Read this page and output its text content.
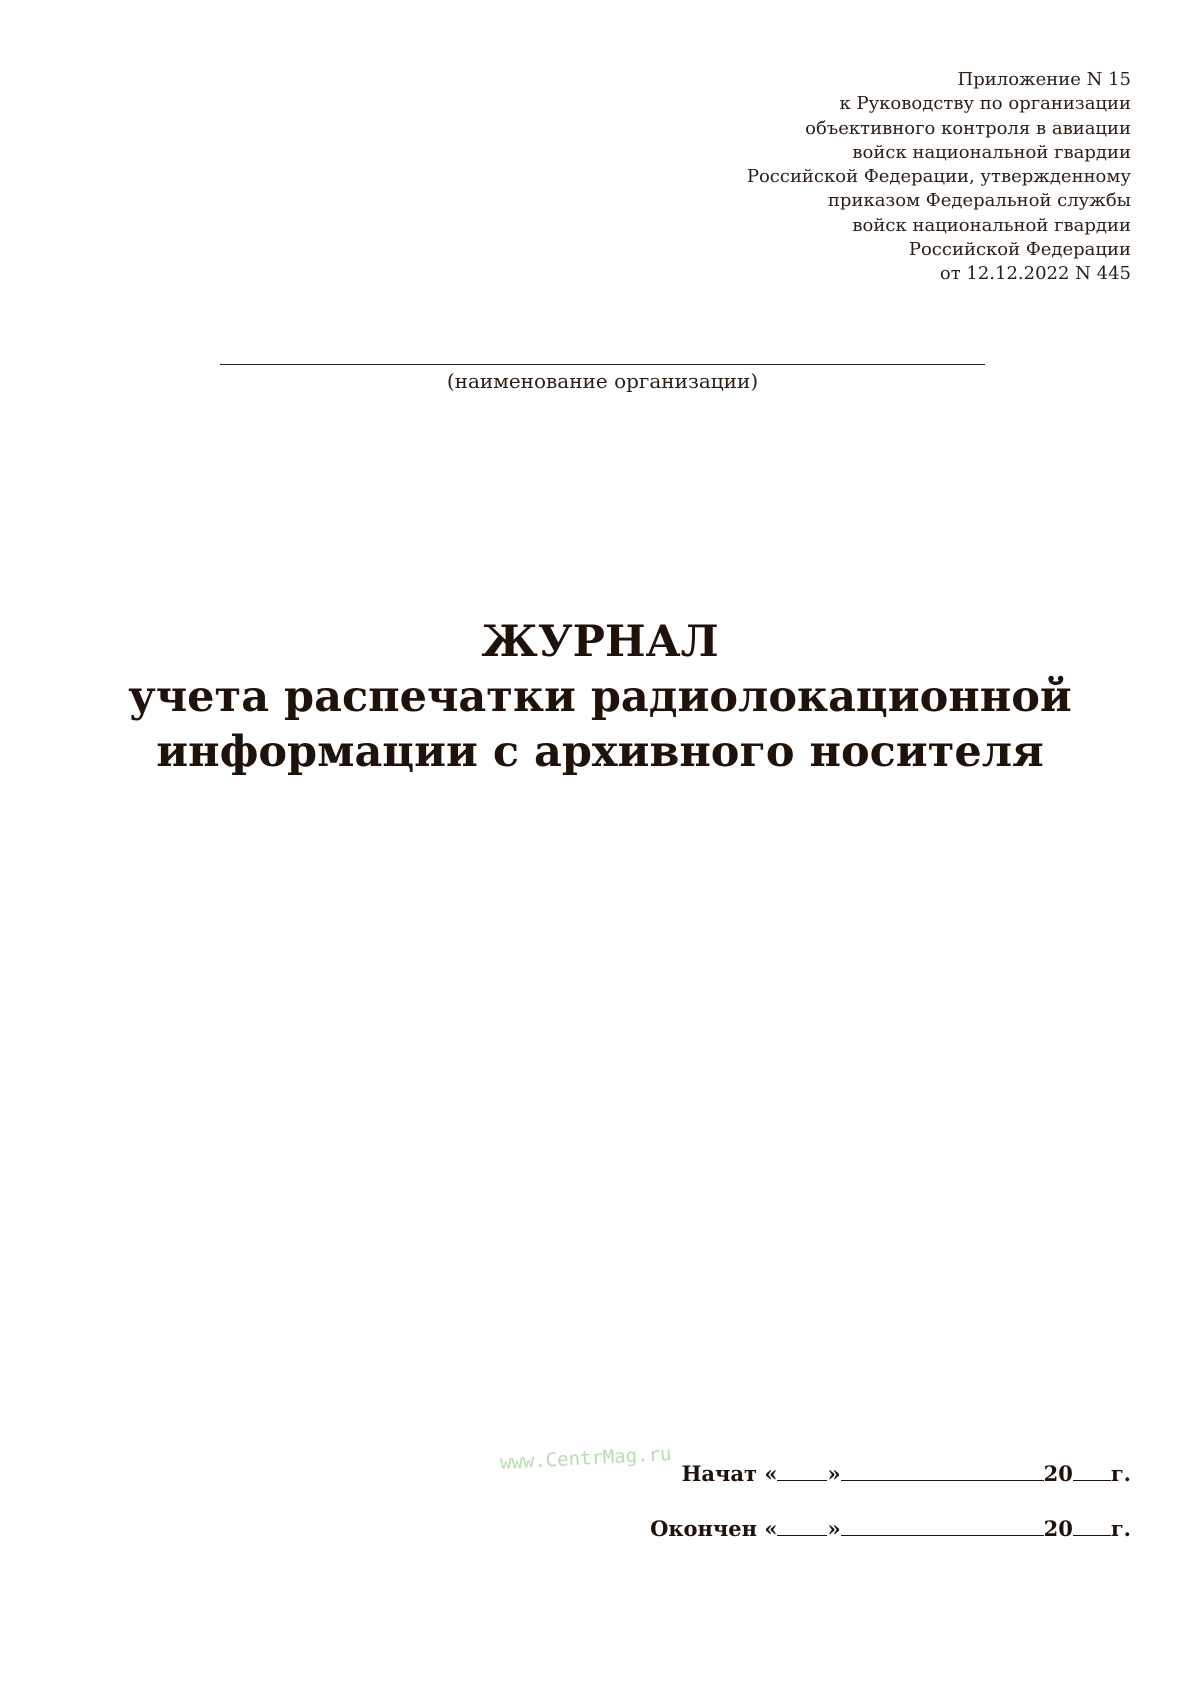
Приложение N 15
к Руководству по организации
объективного контроля в авиации
войск национальной гвардии
Российской Федерации, утвержденному
приказом Федеральной службы
войск национальной гвардии
Российской Федерации
от 12.12.2022 N 445
(наименование организации)
ЖУРНАЛ
учета распечатки радиолокационной
информации с архивного носителя
www.CentrMag.ru Начат « »	20 г.
Окончен « »	20 г.
